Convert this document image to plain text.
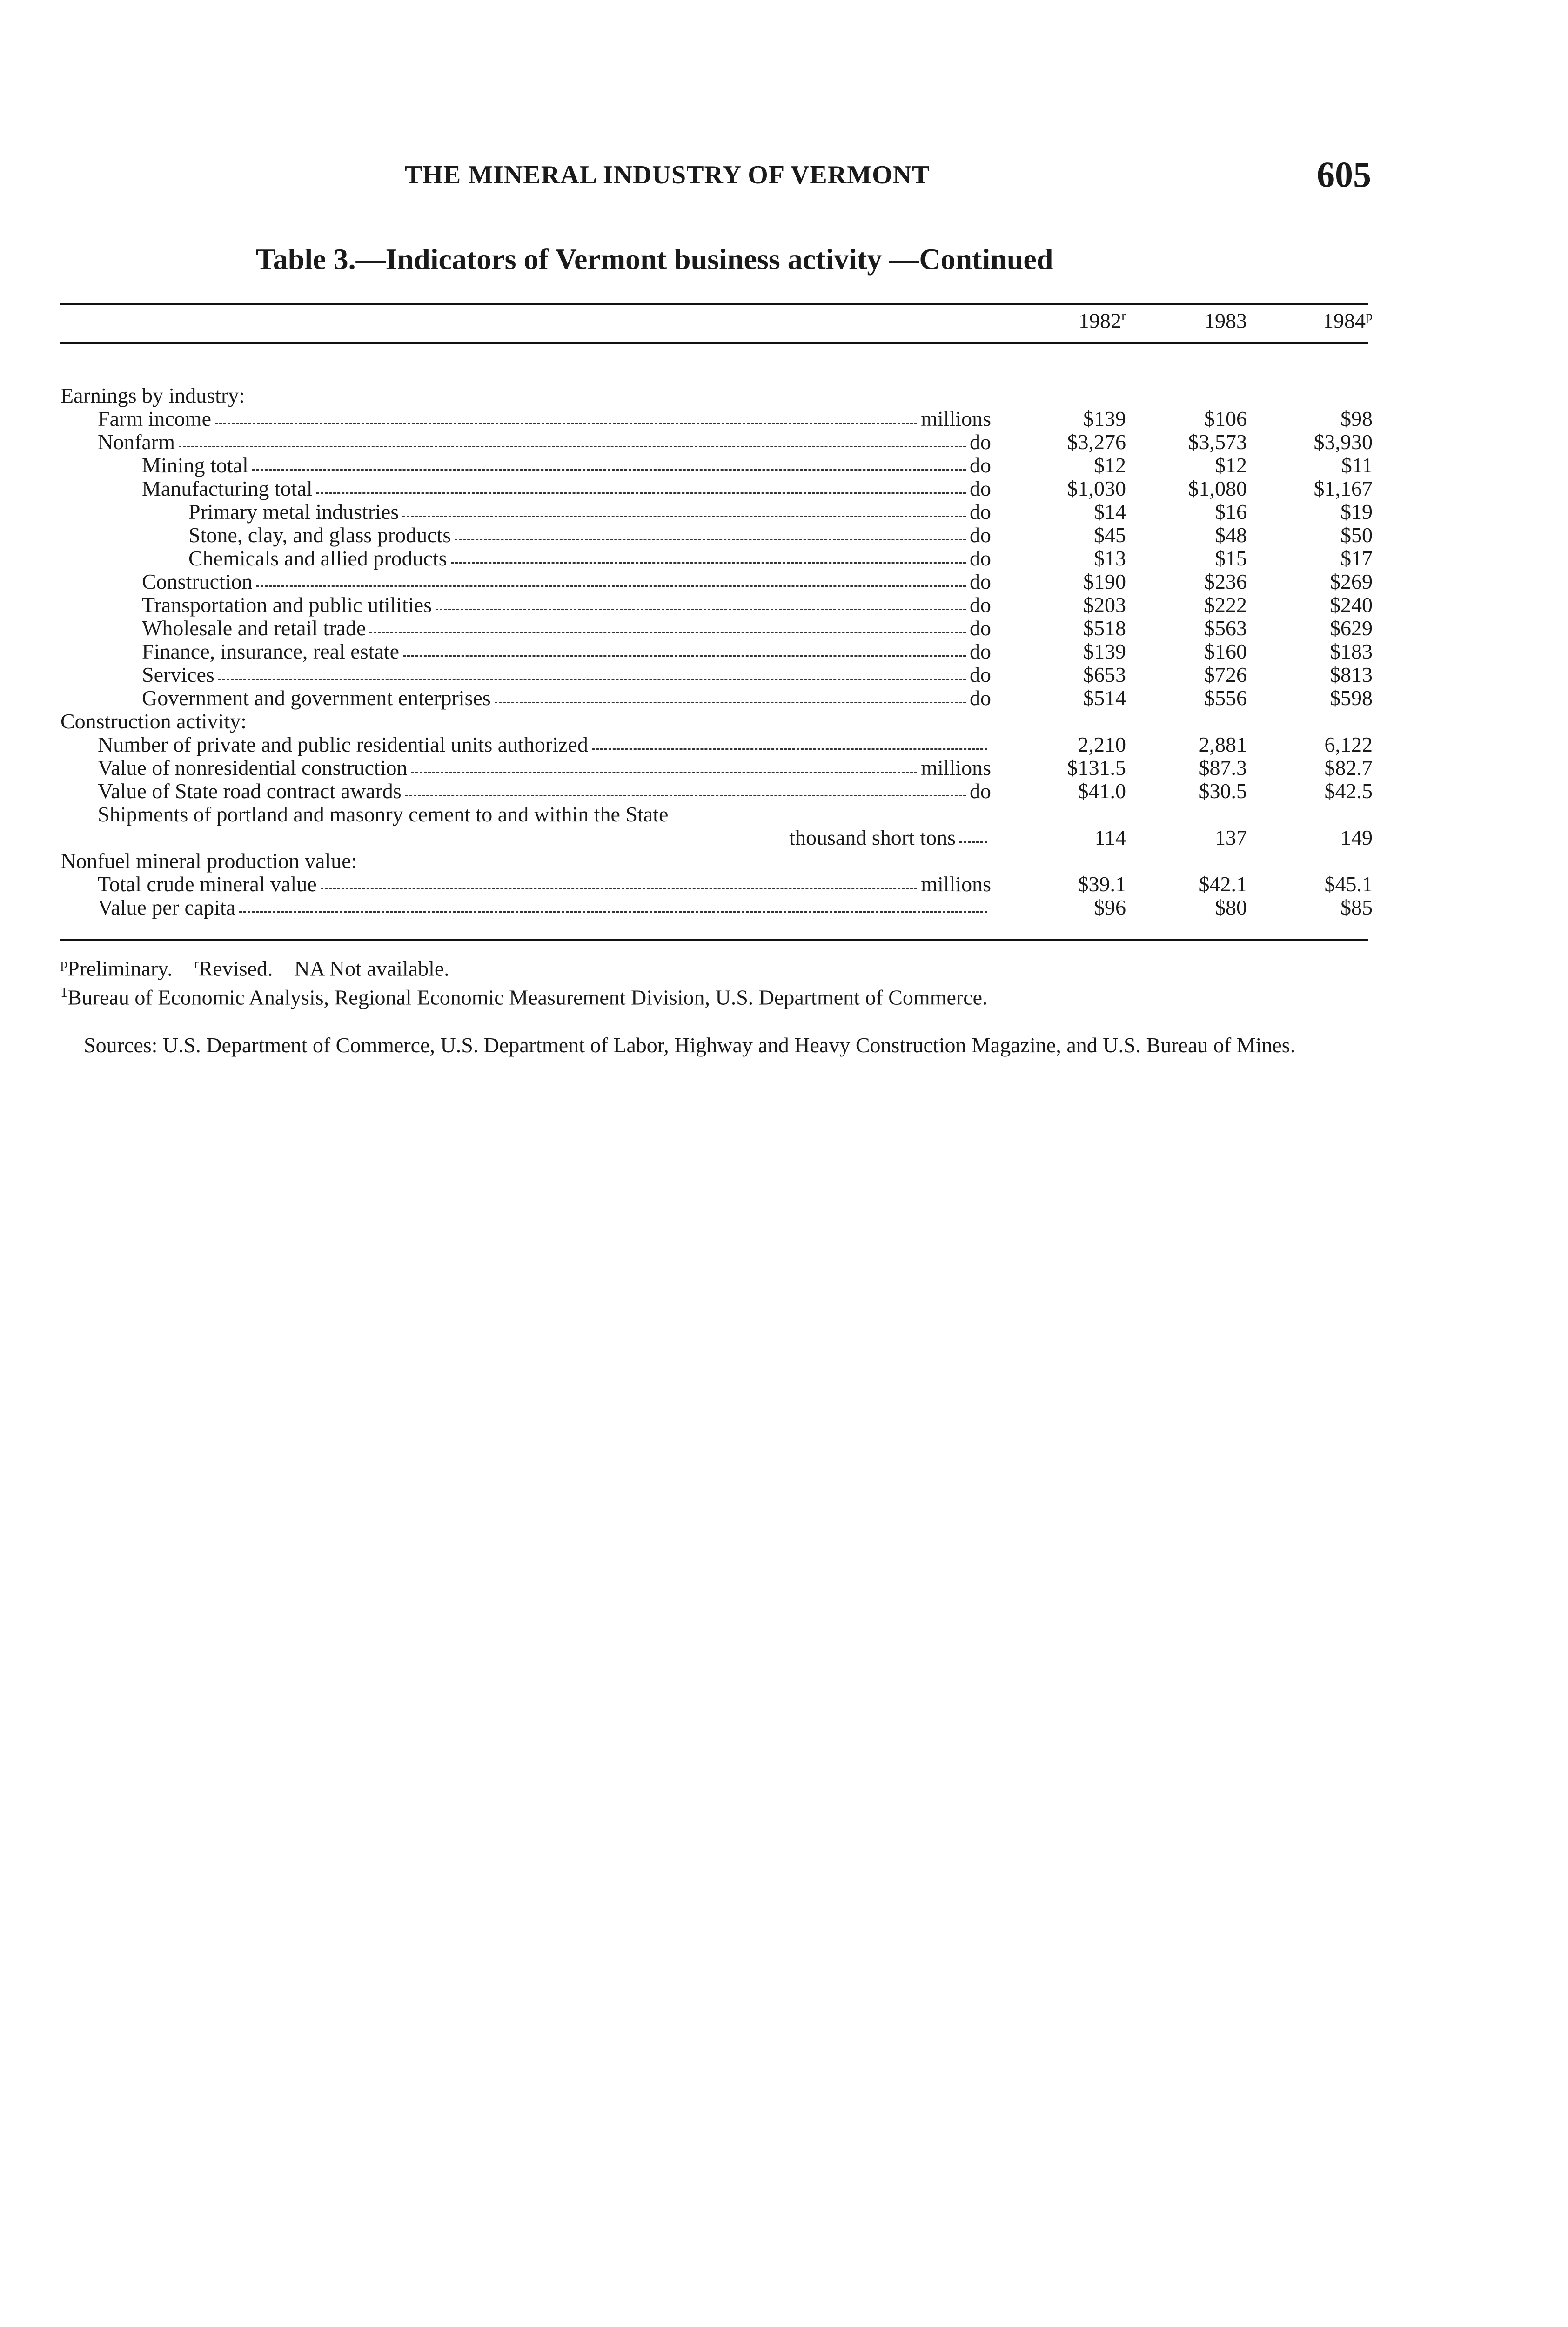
THE MINERAL INDUSTRY OF VERMONT	605
Table 3.—Indicators of Vermont business activity —Continued
1982$^r$	1983	1984$^p$
Earnings by industry:
Farm income	millions	$139	$106	$98
Nonfarm	do	$3,276	$3,573	$3,930
Mining total	do	$12	$12	$11
Manufacturing total	do	$1,030	$1,080	$1,167
Primary metal industries	do	$14	$16	$19
Stone, clay, and glass products	do	$45	$48	$50
Chemicals and allied products	do	$13	$15	$17
Construction	do	$190	$236	$269
Transportation and public utilities	do	$203	$222	$240
Wholesale and retail trade	do	$518	$563	$629
Finance, insurance, real estate	do	$139	$160	$183
Services	do	$653	$726	$813
Government and government enterprises	do	$514	$556	$598
Construction activity:
Number of private and public residential units authorized	2,210	2,881	6,122
Value of nonresidential construction	millions	$131.5	$87.3	$82.7
Value of State road contract awards	do	$41.0	$30.5	$42.5
Shipments of portland and masonry cement to and within the State
thousand short tons	114	137	149
Nonfuel mineral production value:
Total crude mineral value	millions	$39.1	$42.1	$45.1
Value per capita	$96	$80	$85

$^p$Preliminary. $^r$Revised. NA Not available.

$^1$Bureau of Economic Analysis, Regional Economic Measurement Division, U.S. Department of Commerce.

Sources: U.S. Department of Commerce, U.S. Department of Labor, Highway and Heavy Construction Magazine, and U.S. Bureau of Mines.
